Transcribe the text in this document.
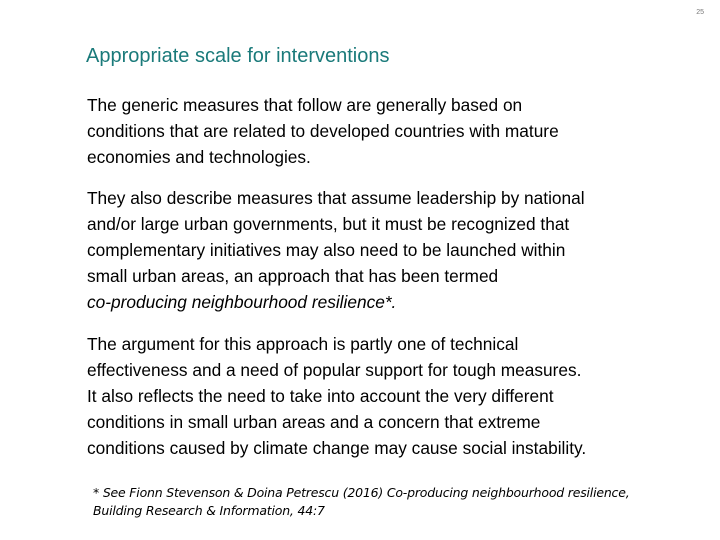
25
Appropriate scale for interventions

The generic measures that follow are generally based on
conditions that are related to developed countries with mature
economies and technologies.

They also describe measures that assume leadership by national
and/or large urban governments, but it must be recognized that
complementary initiatives may also need to be launched within
small urban areas, an approach that has been termed
co-producing neighbourhood resilience*.

The argument for this approach is partly one of technical
effectiveness and a need of popular support for tough measures.
It also reflects the need to take into account the very different
conditions in small urban areas and a concern that extreme
conditions caused by climate change may cause social instability.

* See Fionn Stevenson & Doina Petrescu (2016) Co-producing neighbourhood resilience,
Building Research & Information, 44:7
